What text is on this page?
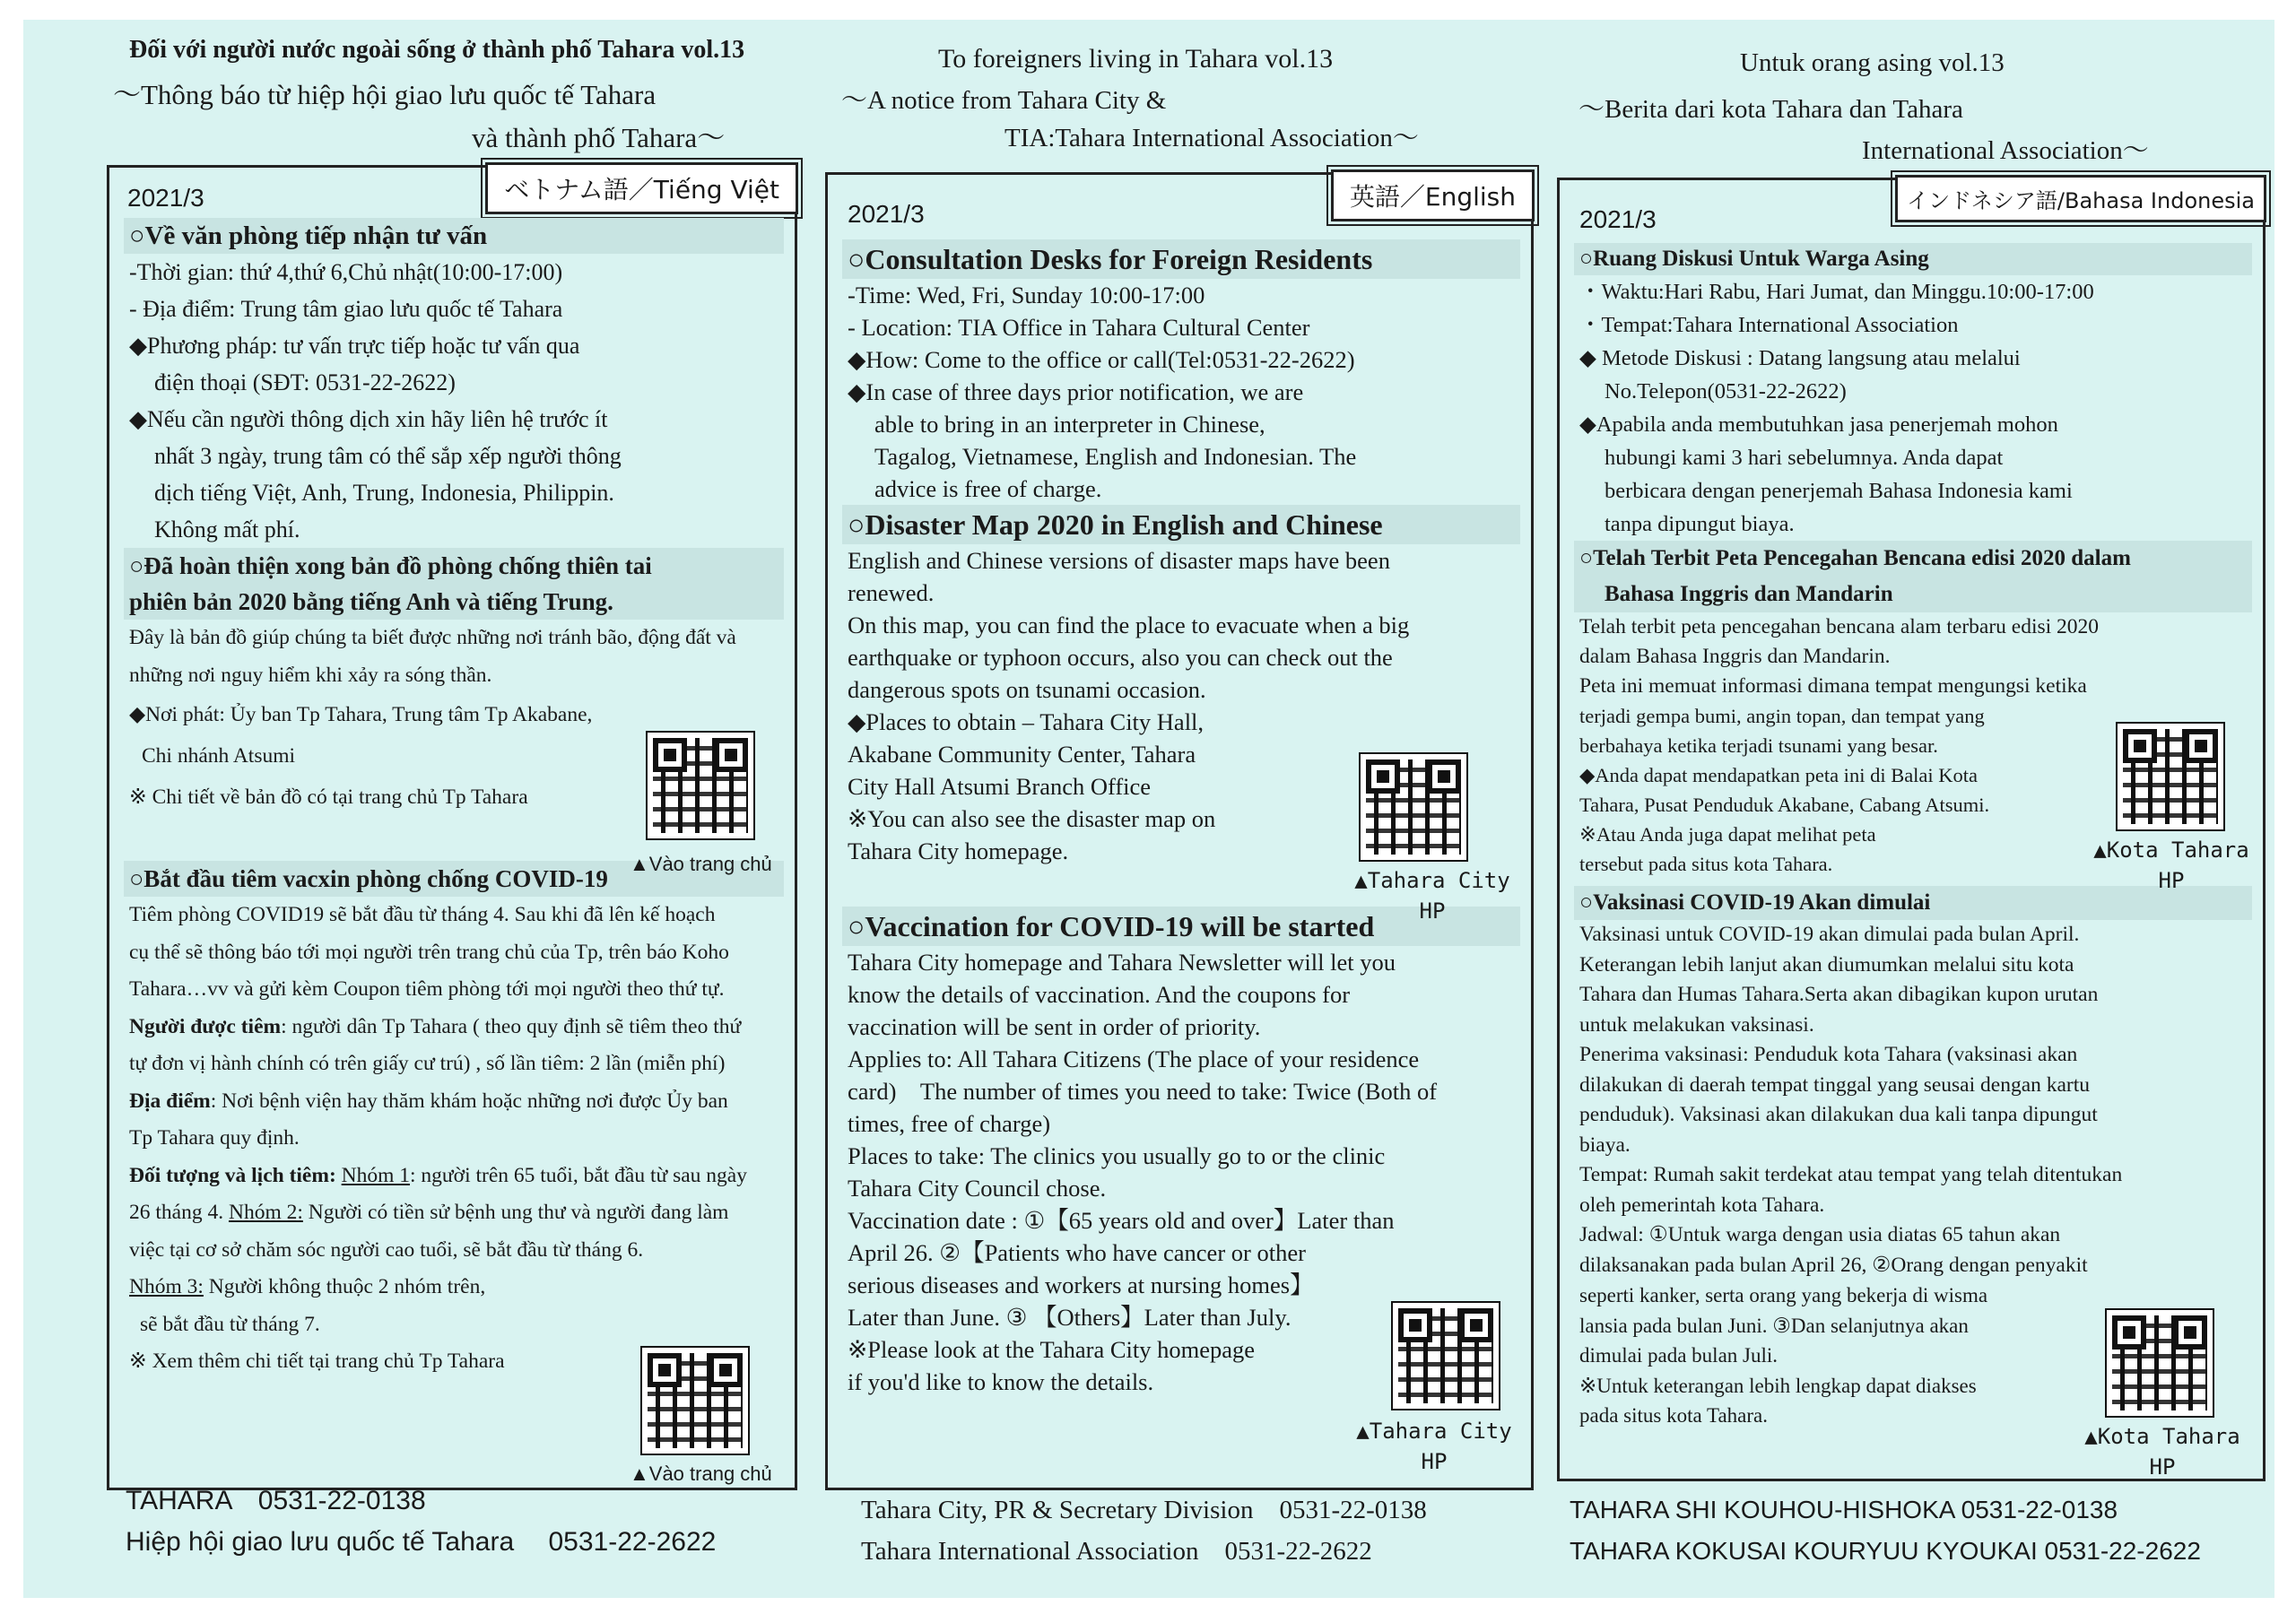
Đối với người nước ngoài sống ở thành phố Tahara vol.13
〜Thông báo từ hiệp hội giao lưu quốc tế Tahara
và thành phố Tahara〜
ベトナム語／Tiếng Việt
2021/3
○Về văn phòng tiếp nhận tư vấn

-Thời gian: thứ 4,thứ 6,Chủ nhật(10:00-17:00)

- Địa điểm: Trung tâm giao lưu quốc tế Tahara

◆Phương pháp: tư vấn trực tiếp hoặc tư vấn qua

điện thoại (SĐT: 0531-22-2622)

◆Nếu cần người thông dịch xin hãy liên hệ trước ít

nhất 3 ngày, trung tâm có thể sắp xếp người thông

dịch tiếng Việt, Anh, Trung, Indonesia, Philippin.

Không mất phí.

○Đã hoàn thiện xong bản đồ phòng chống thiên tai
phiên bản 2020 bằng tiếng Anh và tiếng Trung.

Đây là bản đồ giúp chúng ta biết được những nơi tránh bão, động đất và

những nơi nguy hiểm khi xảy ra sóng thần.

◆Nơi phát: Ủy ban Tp Tahara, Trung tâm Tp Akabane,

Chi nhánh Atsumi

※ Chi tiết về bản đồ có tại trang chủ Tp Tahara

○Bắt đầu tiêm vacxin phòng chống COVID-19

Tiêm phòng COVID19 sẽ bắt đầu từ tháng 4. Sau khi đã lên kế hoạch

cụ thể sẽ thông báo tới mọi người trên trang chủ của Tp, trên báo Koho

Tahara…vv và gửi kèm Coupon tiêm phòng tới mọi người theo thứ tự.

Người được tiêm: người dân Tp Tahara ( theo quy định sẽ tiêm theo thứ

tự đơn vị hành chính có trên giấy cư trú) , số lần tiêm: 2 lần (miễn phí)

Địa điểm: Nơi bệnh viện hay thăm khám hoặc những nơi được Ủy ban

Tp Tahara quy định.

Đối tượng và lịch tiêm: Nhóm 1: người trên 65 tuổi, bắt đầu từ sau ngày

26 tháng 4. Nhóm 2: Người có tiền sử bệnh ung thư và người đang làm

việc tại cơ sở chăm sóc người cao tuổi, sẽ bắt đầu từ tháng 6.

Nhóm 3: Người không thuộc 2 nhóm trên,

sẽ bắt đầu từ tháng 7.

※ Xem thêm chi tiết tại trang chủ Tp Tahara

▲Vào trang chủ
▲Vào trang chủ
TAHARA　0531-22-0138
Hiệp hội giao lưu quốc tế Tahara　 0531-22-2622
To foreigners living in Tahara vol.13
〜A notice from Tahara City &
TIA:Tahara International Association〜
英語／English
2021/3
○Consultation Desks for Foreign Residents

-Time: Wed, Fri, Sunday 10:00-17:00

- Location: TIA Office in Tahara Cultural Center

◆How: Come to the office or call(Tel:0531-22-2622)

◆In case of three days prior notification, we are

able to bring in an interpreter in Chinese,

Tagalog, Vietnamese, English and Indonesian. The

advice is free of charge.

○Disaster Map 2020 in English and Chinese

English and Chinese versions of disaster maps have been

renewed.

On this map, you can find the place to evacuate when a big

earthquake or typhoon occurs, also you can check out the

dangerous spots on tsunami occasion.

◆Places to obtain – Tahara City Hall,

Akabane Community Center, Tahara

City Hall Atsumi Branch Office

※You can also see the disaster map on

Tahara City homepage.

○Vaccination for COVID-19 will be started

Tahara City homepage and Tahara Newsletter will let you

know the details of vaccination. And the coupons for

vaccination will be sent in order of priority.

Applies to: All Tahara Citizens (The place of your residence

card)　The number of times you need to take: Twice (Both of

times, free of charge)

Places to take: The clinics you usually go to or the clinic

Tahara City Council chose.

Vaccination date : ①【65 years old and over】Later than

April 26. ②【Patients who have cancer or other

serious diseases and workers at nursing homes】

Later than June. ③ 【Others】Later than July.

※Please look at the Tahara City homepage

if you'd like to know the details.

▲Tahara City
HP
▲Tahara City
HP
Tahara City, PR & Secretary Division　0531-22-0138
Tahara International Association　0531-22-2622
Untuk orang asing vol.13
〜Berita dari kota Tahara dan Tahara
International Association〜
インドネシア語/Bahasa Indonesia
2021/3
○Ruang Diskusi Untuk Warga Asing

・Waktu:Hari Rabu, Hari Jumat, dan Minggu.10:00-17:00

・Tempat:Tahara International Association

◆ Metode Diskusi : Datang langsung atau melalui

No.Telepon(0531-22-2622)

◆Apabila anda membutuhkan jasa penerjemah mohon

hubungi kami 3 hari sebelumnya. Anda dapat

berbicara dengan penerjemah Bahasa Indonesia kami

tanpa dipungut biaya.

○Telah Terbit Peta Pencegahan Bencana edisi 2020 dalam
Bahasa Inggris dan Mandarin

Telah terbit peta pencegahan bencana alam terbaru edisi 2020

dalam Bahasa Inggris dan Mandarin.

Peta ini memuat informasi dimana tempat mengungsi ketika

terjadi gempa bumi, angin topan, dan tempat yang

berbahaya ketika terjadi tsunami yang besar.

◆Anda dapat mendapatkan peta ini di Balai Kota

Tahara, Pusat Penduduk Akabane, Cabang Atsumi.

※Atau Anda juga dapat melihat peta

tersebut pada situs kota Tahara.

○Vaksinasi COVID-19 Akan dimulai

Vaksinasi untuk COVID-19 akan dimulai pada bulan April.

Keterangan lebih lanjut akan diumumkan melalui situ kota

Tahara dan Humas Tahara.Serta akan dibagikan kupon urutan

untuk melakukan vaksinasi.

Penerima vaksinasi: Penduduk kota Tahara (vaksinasi akan

dilakukan di daerah tempat tinggal yang seusai dengan kartu

penduduk). Vaksinasi akan dilakukan dua kali tanpa dipungut

biaya.

Tempat: Rumah sakit terdekat atau tempat yang telah ditentukan

oleh pemerintah kota Tahara.

Jadwal: ①Untuk warga dengan usia diatas 65 tahun akan

dilaksanakan pada bulan April 26, ②Orang dengan penyakit

seperti kanker, serta orang yang bekerja di wisma

lansia pada bulan Juni. ③Dan selanjutnya akan

dimulai pada bulan Juli.

※Untuk keterangan lebih lengkap dapat diakses

pada situs kota Tahara.

▲Kota Tahara
HP
▲Kota Tahara
HP
TAHARA SHI KOUHOU-HISHOKA 0531-22-0138
TAHARA KOKUSAI KOURYUU KYOUKAI 0531-22-2622
